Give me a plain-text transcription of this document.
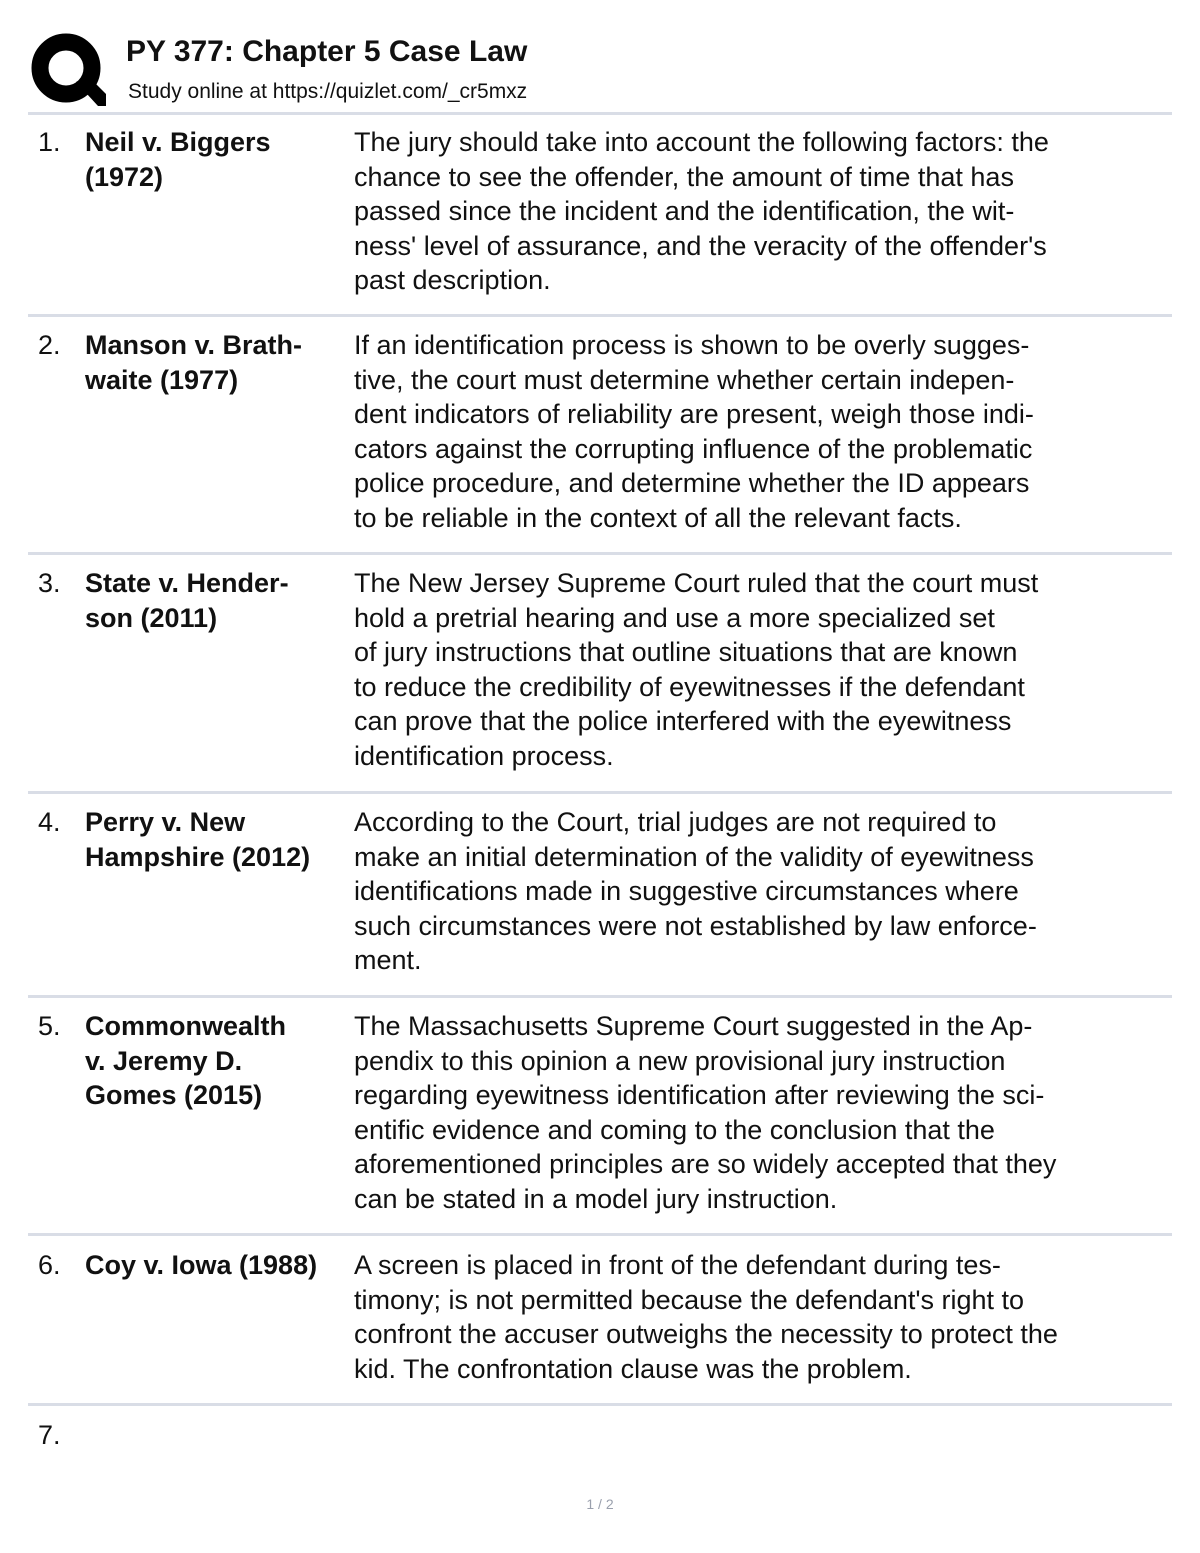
PY 377: Chapter 5 Case Law
Study online at https://quizlet.com/_cr5mxz
1. Neil v. Biggers
(1972)
The jury should take into account the following factors: the
chance to see the offender, the amount of time that has
passed since the incident and the identification, the wit-
ness' level of assurance, and the veracity of the offender's
past description.
2. Manson v. Brath-
waite (1977)
If an identification process is shown to be overly sugges-
tive, the court must determine whether certain indepen-
dent indicators of reliability are present, weigh those indi-
cators against the corrupting influence of the problematic
police procedure, and determine whether the ID appears
to be reliable in the context of all the relevant facts.
3. State v. Hender-
son (2011)
The New Jersey Supreme Court ruled that the court must
hold a pretrial hearing and use a more specialized set
of jury instructions that outline situations that are known
to reduce the credibility of eyewitnesses if the defendant
can prove that the police interfered with the eyewitness
identification process.
4. Perry v. New
Hampshire (2012)
According to the Court, trial judges are not required to
make an initial determination of the validity of eyewitness
identifications made in suggestive circumstances where
such circumstances were not established by law enforce-
ment.
5. Commonwealth
v. Jeremy D.
Gomes (2015)
The Massachusetts Supreme Court suggested in the Ap-
pendix to this opinion a new provisional jury instruction
regarding eyewitness identification after reviewing the sci-
entific evidence and coming to the conclusion that the
aforementioned principles are so widely accepted that they
can be stated in a model jury instruction.
6. Coy v. Iowa (1988)	A screen is placed in front of the defendant during tes-
timony; is not permitted because the defendant's right to
confront the accuser outweighs the necessity to protect the
kid. The confrontation clause was the problem.
7.
1 / 2
